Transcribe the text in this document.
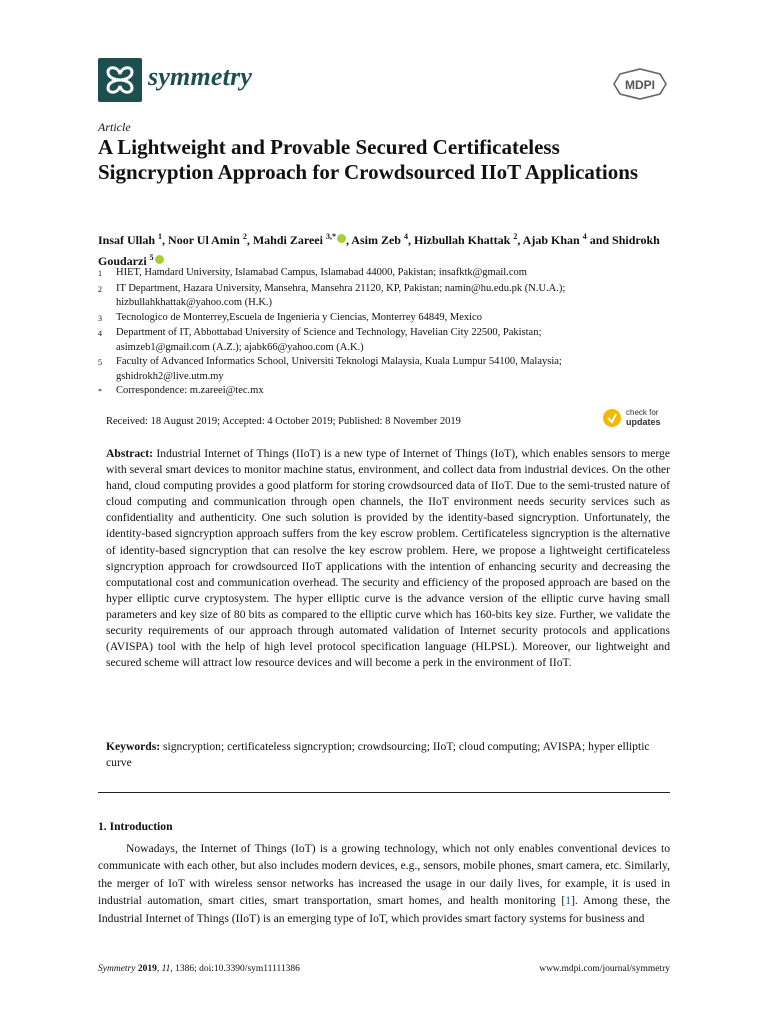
symmetry	MDPI
Article
A Lightweight and Provable Secured Certificateless Signcryption Approach for Crowdsourced IIoT Applications
Insaf Ullah $^1$, Noor Ul Amin $^2$, Mahdi Zareei $^{3,*}$ , Asim Zeb $^4$, Hizbullah Khattak $^2$, Ajab Khan $^4$ and Shidrokh Goudarzi $^5$
1	HIET, Hamdard University, Islamabad Campus, Islamabad 44000, Pakistan; insafktk@gmail.com
2	IT Department, Hazara University, Mansehra, Mansehra 21120, KP, Pakistan; namin@hu.edu.pk (N.U.A.);
hizbullahkhattak@yahoo.com (H.K.)
3	Tecnologico de Monterrey,Escuela de Ingenieria y Ciencias, Monterrey 64849, Mexico
4	Department of IT, Abbottabad University of Science and Technology, Havelian City 22500, Pakistan;
asimzeb1@gmail.com (A.Z.); ajabk66@yahoo.com (A.K.)
5	Faculty of Advanced Informatics School, Universiti Teknologi Malaysia, Kuala Lumpur 54100, Malaysia;
gshidrokh2@live.utm.my
*	Correspondence: m.zareei@tec.mx
Received: 18 August 2019; Accepted: 4 October 2019; Published: 8 November 2019
check for
updates
Abstract: Industrial Internet of Things (IIoT) is a new type of Internet of Things (IoT), which enables sensors to merge with several smart devices to monitor machine status, environment, and collect data from industrial devices. On the other hand, cloud computing provides a good platform for storing crowdsourced data of IIoT. Due to the semi-trusted nature of cloud computing and communication through open channels, the IIoT environment needs security services such as confidentiality and authenticity. One such solution is provided by the identity-based signcryption. Unfortunately, the identity-based signcryption approach suffers from the key escrow problem. Certificateless signcryption is the alternative of identity-based signcryption that can resolve the key escrow problem. Here, we propose a lightweight certificateless signcryption approach for crowdsourced IIoT applications with the intention of enhancing security and decreasing the computational cost and communication overhead. The security and efficiency of the proposed approach are based on the hyper elliptic curve cryptosystem. The hyper elliptic curve is the advance version of the elliptic curve having small parameters and key size of 80 bits as compared to the elliptic curve which has 160-bits key size. Further, we validate the security requirements of our approach through automated validation of Internet security protocols and applications (AVISPA) tool with the help of high level protocol specification language (HLPSL). Moreover, our lightweight and secured scheme will attract low resource devices and will become a perk in the environment of IIoT.
Keywords: signcryption; certificateless signcryption; crowdsourcing; IIoT; cloud computing; AVISPA; hyper elliptic curve
1. Introduction

Nowadays, the Internet of Things (IoT) is a growing technology, which not only enables conventional devices to communicate with each other, but also includes modern devices, e.g., sensors, mobile phones, smart camera, etc. Similarly, the merger of IoT with wireless sensor networks has increased the usage in our daily lives, for example, it is used in industrial automation, smart cities, smart transportation, smart homes, and health monitoring [1]. Among these, the Industrial Internet of Things (IIoT) is an emerging type of IoT, which provides smart factory systems for business and

Symmetry 2019, 11, 1386; doi:10.3390/sym11111386	www.mdpi.com/journal/symmetry
